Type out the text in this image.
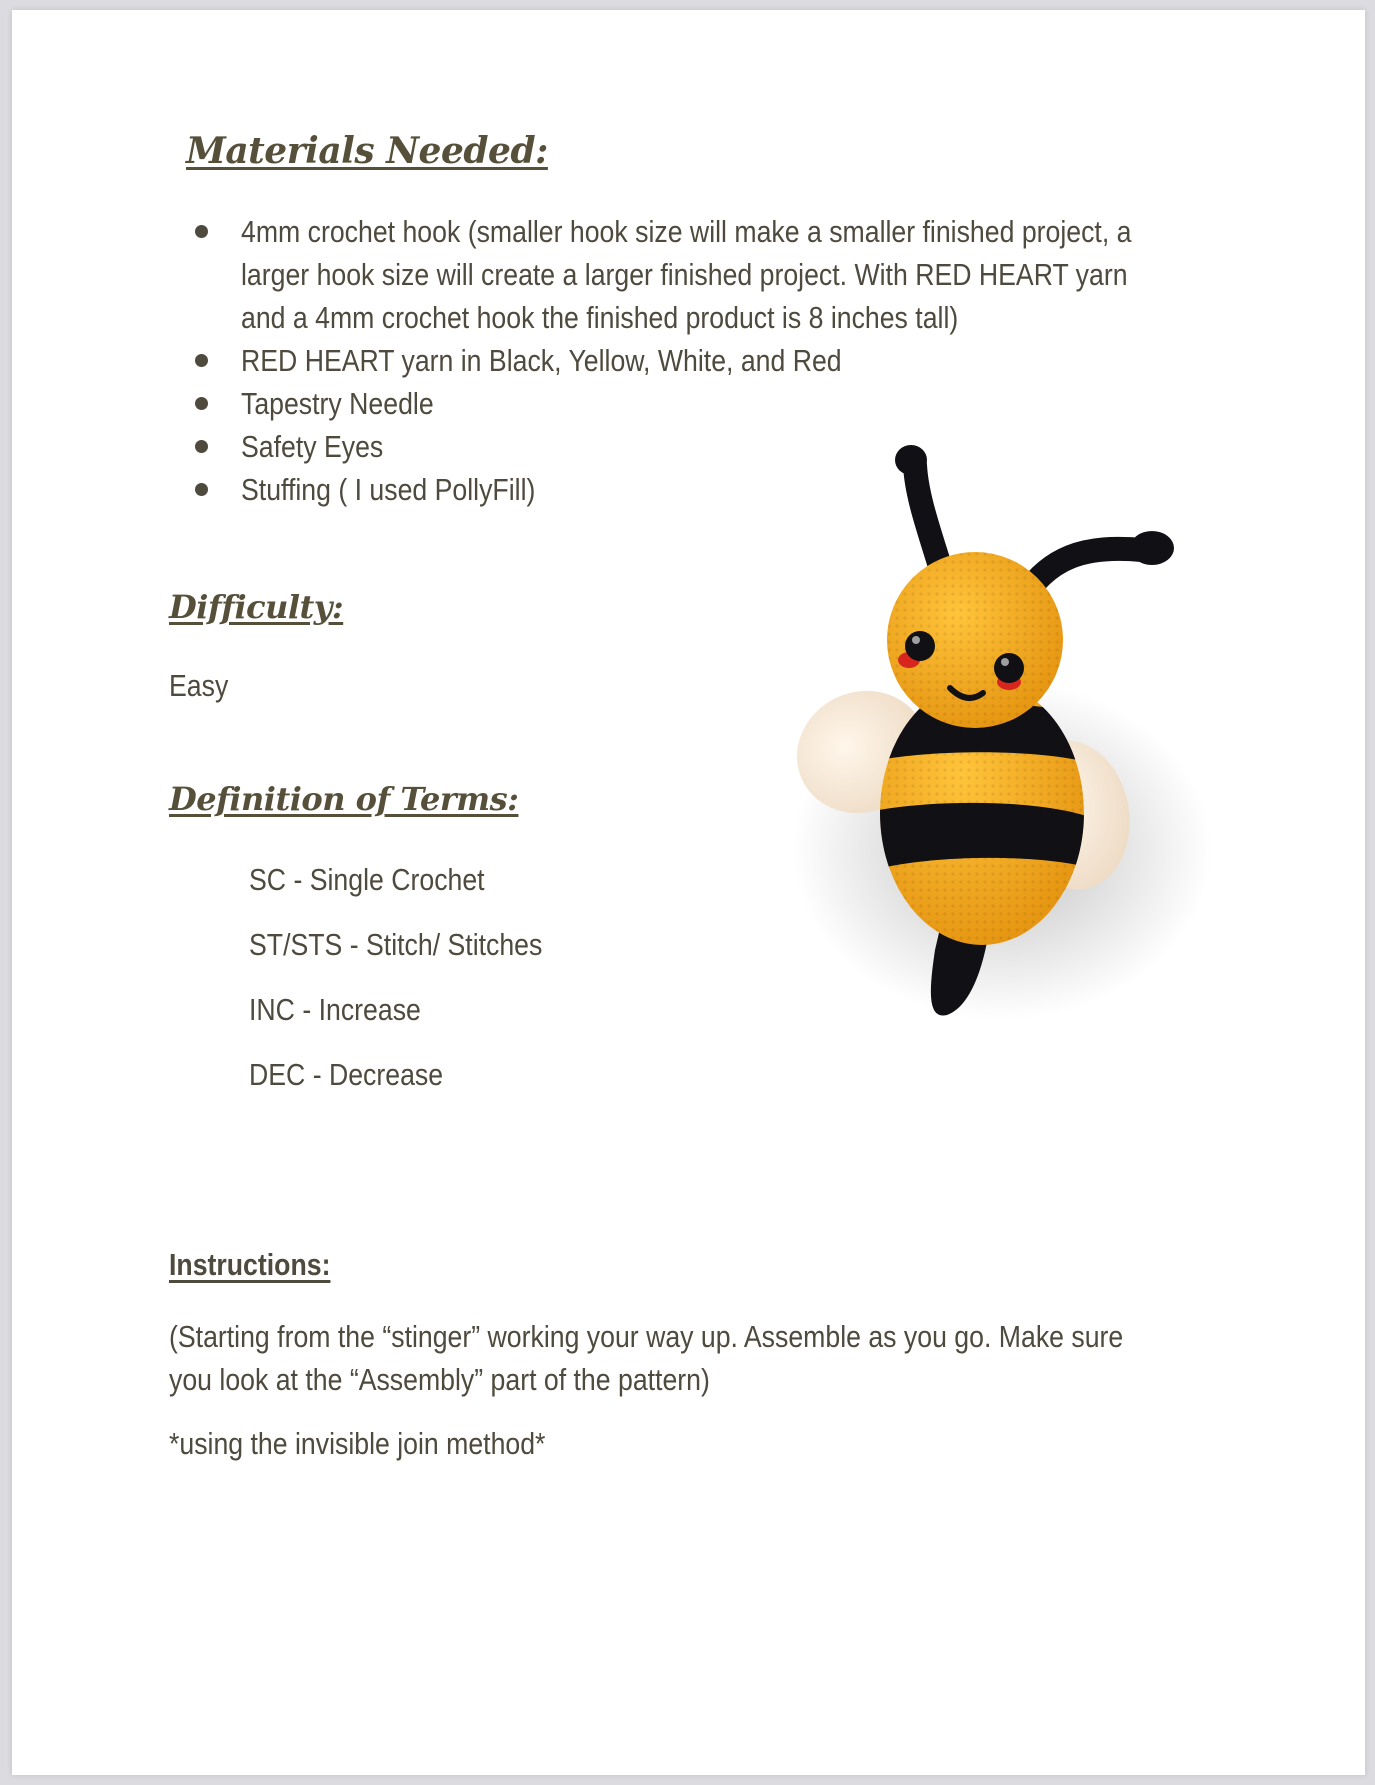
Materials Needed:
4mm crochet hook (smaller hook size will make a smaller finished project, a larger hook size will create a larger finished project. With RED HEART yarn and a 4mm crochet hook the finished product is 8 inches tall)
RED HEART yarn in Black, Yellow, White, and Red
Tapestry Needle
Safety Eyes
Stuffing ( I used PollyFill)
Difficulty:
Easy
Definition of Terms:
SC - Single Crochet
ST/STS - Stitch/ Stitches
INC - Increase
DEC - Decrease
Instructions:
(Starting from the “stinger” working your way up. Assemble as you go. Make sure you look at the “Assembly” part of the pattern)
*using the invisible join method*
